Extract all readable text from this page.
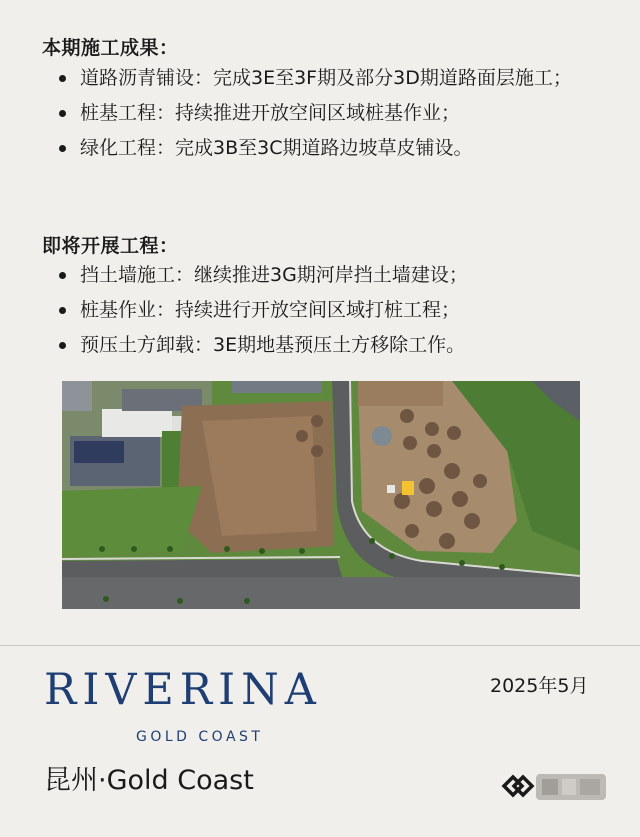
本期施工成果：
道路沥青铺设：完成3E至3F期及部分3D期道路面层施工；
桩基工程：持续推进开放空间区域桩基作业；
绿化工程：完成3B至3C期道路边坡草皮铺设。
即将开展工程：
挡土墙施工：继续推进3G期河岸挡土墙建设；
桩基作业：持续进行开放空间区域打桩工程；
预压土方卸载：3E期地基预压土方移除工作。
RIVERINA
GOLD COAST
昆州·Gold Coast
2025年5月
